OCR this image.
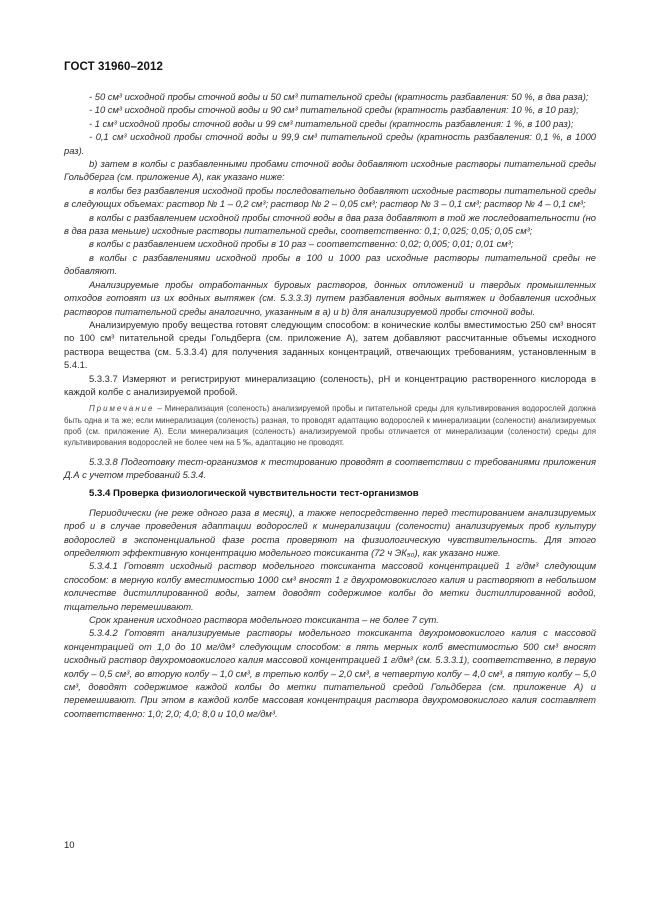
ГОСТ 31960–2012

- 50 см³ исходной пробы сточной воды и 50 см³ питательной среды (кратность разбавления: 50 %, в два раза);

- 10 см³ исходной пробы сточной воды и 90 см³ питательной среды (кратность разбавления: 10 %, в 10 раз);

- 1 см³ исходной пробы сточной воды и 99 см³ питательной среды (кратность разбавления: 1 %, в 100 раз);

- 0,1 см³ исходной пробы сточной воды и 99,9 см³ питательной среды (кратность разбавления: 0,1 %, в 1000 раз).

b) затем в колбы с разбавленными пробами сточной воды добавляют исходные растворы питательной среды Гольдберга (см. приложение А), как указано ниже:

в колбы без разбавления исходной пробы последовательно добавляют исходные растворы питательной среды в следующих объемах: раствор № 1 – 0,2 см³; раствор № 2 – 0,05 см³; раствор № 3 – 0,1 см³; раствор № 4 – 0,1 см³;

в колбы с разбавлением исходной пробы сточной воды в два раза добавляют в той же последовательности (но в два раза меньше) исходные растворы питательной среды, соответственно: 0,1; 0,025; 0,05; 0,05 см³;

в колбы с разбавлением исходной пробы в 10 раз – соответственно: 0,02; 0,005; 0,01; 0,01 см³;

в колбы с разбавлениями исходной пробы в 100 и 1000 раз исходные растворы питательной среды не добавляют.

Анализируемые пробы отработанных буровых растворов, донных отложений и твердых промышленных отходов готовят из их водных вытяжек (см. 5.3.3.3) путем разбавления водных вытяжек и добавления исходных растворов питательной среды аналогично, указанным в a) и b) для анализируемой пробы сточной воды.

Анализируемую пробу вещества готовят следующим способом: в конические колбы вместимостью 250 см³ вносят по 100 см³ питательной среды Гольдберга (см. приложение А), затем добавляют рассчитанные объемы исходного раствора вещества (см. 5.3.3.4) для получения заданных концентраций, отвечающих требованиям, установленным в 5.4.1.

5.3.3.7 Измеряют и регистрируют минерализацию (соленость), pH и концентрацию растворенного кислорода в каждой колбе с анализируемой пробой.

Примечание – Минерализация (соленость) анализируемой пробы и питательной среды для культивирования водорослей должна быть одна и та же; если минерализация (соленость) разная, то проводят адаптацию водорослей к минерализации (солености) анализируемых проб (см. приложение А). Если минерализация (соленость) анализируемой пробы отличается от минерализации (солености) среды для культивирования водорослей не более чем на 5 ‰, адаптацию не проводят.

5.3.3.8 Подготовку тест-организмов к тестированию проводят в соответствии с требованиями приложения Д.А с учетом требований 5.3.4.

5.3.4 Проверка физиологической чувствительности тест-организмов

Периодически (не реже одного раза в месяц), а также непосредственно перед тестированием анализируемых проб и в случае проведения адаптации водорослей к минерализации (солености) анализируемых проб культуру водорослей в экспоненциальной фазе роста проверяют на физиологическую чувствительность. Для этого определяют эффективную концентрацию модельного токсиканта (72 ч ЭК₅₀), как указано ниже.

5.3.4.1 Готовят исходный раствор модельного токсиканта массовой концентрацией 1 г/дм³ следующим способом: в мерную колбу вместимостью 1000 см³ вносят 1 г двухромовокислого калия и растворяют в небольшом количестве дистиллированной воды, затем доводят содержимое колбы до метки дистиллированной водой, тщательно перемешивают.

Срок хранения исходного раствора модельного токсиканта – не более 7 сут.

5.3.4.2 Готовят анализируемые растворы модельного токсиканта двухромовокислого калия с массовой концентрацией от 1,0 до 10 мг/дм³ следующим способом: в пять мерных колб вместимостью 500 см³ вносят исходный раствор двухромовокислого калия массовой концентрацией 1 г/дм³ (см. 5.3.3.1), соответственно, в первую колбу – 0,5 см³, во вторую колбу – 1,0 см³, в третью колбу – 2,0 см³, в четвертую колбу – 4,0 см³, в пятую колбу – 5,0 см³, доводят содержимое каждой колбы до метки питательной средой Гольдберга (см. приложение А) и перемешивают. При этом в каждой колбе массовая концентрация раствора двухромовокислого калия составляет соответственно: 1,0; 2,0; 4,0; 8,0 и 10,0 мг/дм³.

10
